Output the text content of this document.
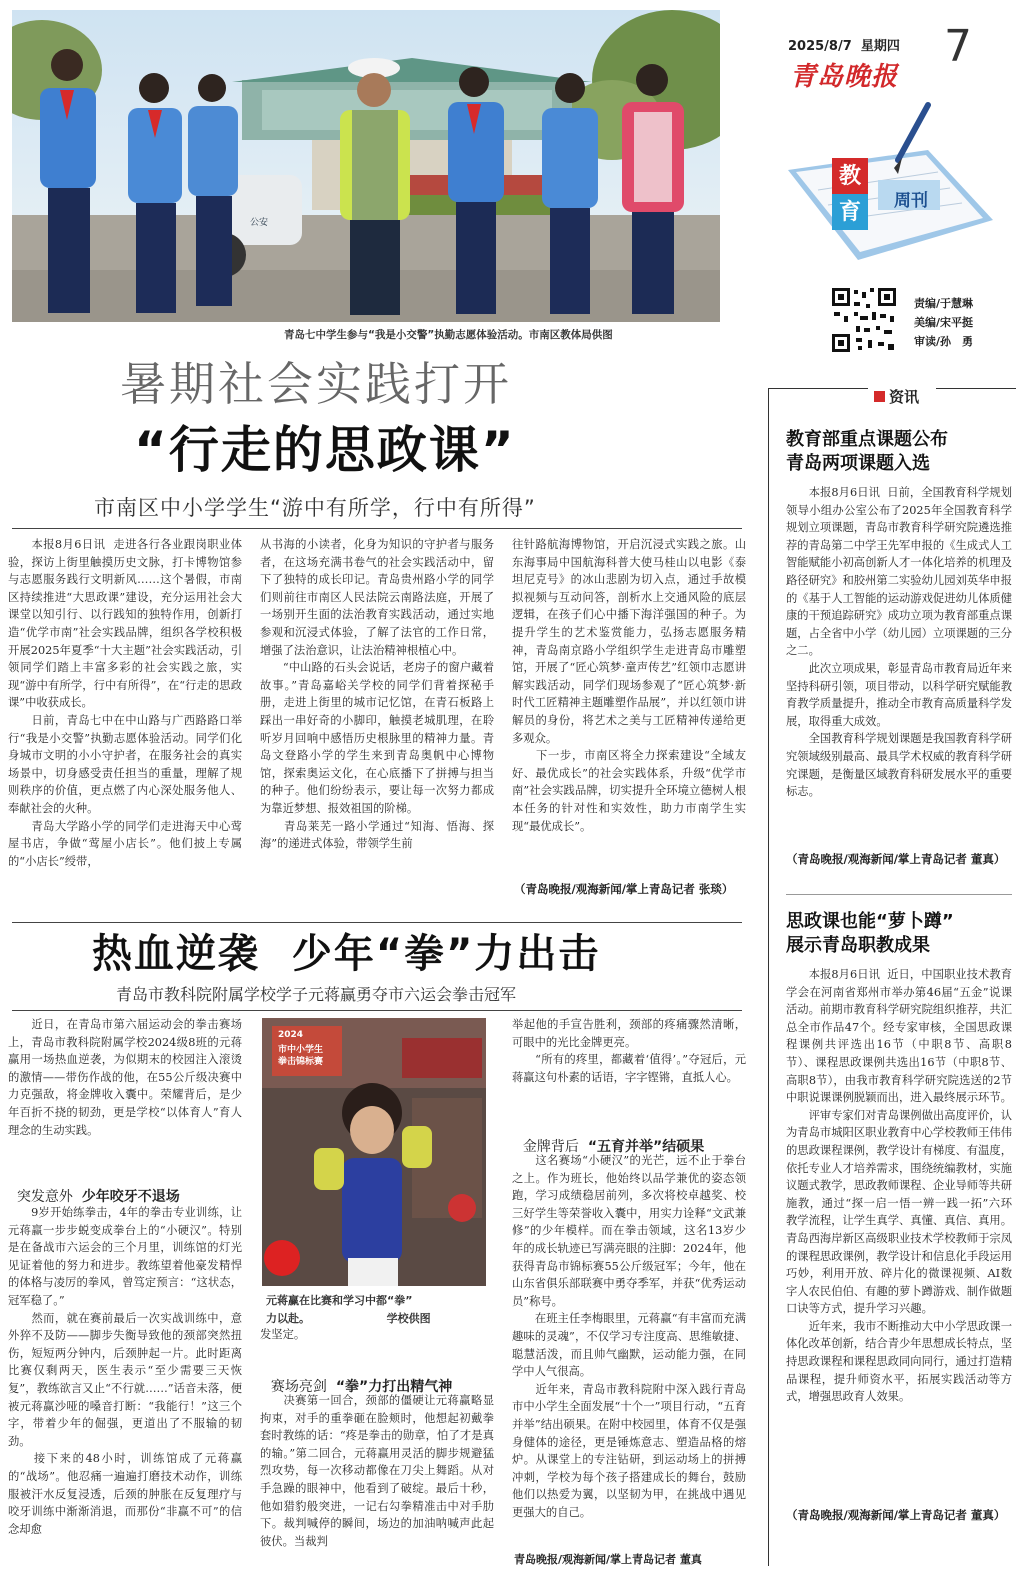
公安
青岛七中学生参与“我是小交警”执勤志愿体验活动。市南区教体局供图
2025/8/7  星期四 7
青岛晚报
教
育	周刊
责编/于慧琳
美编/宋平挺
审读/孙　勇
暑期社会实践打开
“行走的思政课”
市南区中小学学生“游中有所学，行中有所得”
　　本报8月6日讯  走进各行各业跟岗职业体验，探访上街里触摸历史文脉，打卡博物馆参与志愿服务践行文明新风……这个暑假，市南区持续推进“大思政课”建设，充分运用社会大课堂以知引行、以行践知的独特作用，创新打造“优学市南”社会实践品牌，组织各学校积极开展2025年夏季“十大主题”社会实践活动，引领同学们踏上丰富多彩的社会实践之旅，实现“游中有所学，行中有所得”，在“行走的思政课”中收获成长。
　　日前，青岛七中在中山路与广西路路口举行“我是小交警”执勤志愿体验活动。同学们化身城市文明的小小守护者，在服务社会的真实场景中，切身感受责任担当的重量，理解了规则秩序的价值，更点燃了内心深处服务他人、奉献社会的火种。
　　青岛大学路小学的同学们走进海天中心莺屋书店，争做“莺屋小店长”。他们披上专属的“小店长”绶带，
从书海的小读者，化身为知识的守护者与服务者，在这场充满书卷气的社会实践活动中，留下了独特的成长印记。青岛贵州路小学的同学们则前往市南区人民法院云南路法庭，开展了一场别开生面的法治教育实践活动，通过实地参观和沉浸式体验，了解了法官的工作日常，增强了法治意识，让法治精神根植心中。
　　“中山路的石头会说话，老房子的窗户藏着故事。”青岛嘉峪关学校的同学们背着探秘手册，走进上街里的城市记忆馆，在青石板路上踩出一串好奇的小脚印，触摸老城肌理，在聆听岁月回响中感悟历史根脉里的精神力量。青岛文登路小学的学生来到青岛奥帆中心博物馆，探索奥运文化，在心底播下了拼搏与担当的种子。他们纷纷表示，要让每一次努力都成为靠近梦想、报效祖国的阶梯。
　　青岛莱芜一路小学通过“知海、悟海、探海”的递进式体验，带领学生前
往针路航海博物馆，开启沉浸式实践之旅。山东海事局中国航海科普大使马桂山以电影《泰坦尼克号》的冰山悲剧为切入点，通过手故模拟视频与互动问答，剖析水上交通风险的底层逻辑，在孩子们心中播下海洋强国的种子。为提升学生的艺术鉴赏能力，弘扬志愿服务精神，青岛南京路小学组织学生走进青岛市雕塑馆，开展了“匠心筑梦·童声传艺”红领巾志愿讲解实践活动，同学们现场参观了“匠心筑梦·新时代工匠精神主题雕塑作品展”，并以红领巾讲解员的身份，将艺术之美与工匠精神传递给更多观众。
　　下一步，市南区将全力探索建设“全域友好、最优成长”的社会实践体系，升级“优学市南”社会实践品牌，切实提升全环境立德树人根本任务的针对性和实效性，助力市南学生实现“最优成长”。
（青岛晚报/观海新闻/掌上青岛记者 张琰）
热血逆袭  少年“拳”力出击
青岛市教科院附属学校学子元蒋赢勇夺市六运会拳击冠军
　　近日，在青岛市第六届运动会的拳击赛场上，青岛市教科院附属学校2024级8班的元蒋赢用一场热血逆袭，为似期末的校园注入滚烫的激情——带伤作战的他，在55公斤级决赛中力克强敌，将金牌收入囊中。荣耀背后，是少年百折不挠的韧劲，更是学校“以体育人”育人理念的生动实践。

突发意外 少年咬牙不退场

　　9岁开始练拳击，4年的拳击专业训练，让元蒋赢一步步蜕变成拳台上的“小硬汉”。特别是在备战市六运会的三个月里，训练馆的灯光见证着他的努力和进步。教练望着他豪发精悍的体格与凌厉的拳风，曾笃定预言：“这状态，冠军稳了。”
　　然而，就在赛前最后一次实战训练中，意外猝不及防——脚步失衡导致他的颈部突然扭伤，短短两分钟内，后颈肿起一片。此时距离比赛仅剩两天，医生表示“至少需要三天恢复”，教练欲言又止“不行就……”话音未落，便被元蒋赢沙哑的嗓音打断：“我能行！”这三个字，带着少年的倔强，更道出了不服输的韧劲。
　　接下来的48小时，训练馆成了元蒋赢的“战场”。他忍痛一遍遍打磨技术动作，训练服被汗水反复浸透，后颈的肿胀在反复理疗与咬牙训练中渐渐消退，而那份“非赢不可”的信念却愈
2024
市中小学生
拳击锦标赛
元蒋赢在比赛和学习中都“拳”
力以赴。                    学校供图
发坚定。

赛场亮剑 “拳”力打出精气神

　　决赛第一回合，颈部的僵硬让元蒋赢略显拘束，对手的重拳砸在脸颊时，他想起初戴拳套时教练的话：“疼是拳击的勋章，怕了才是真的输。”第二回合，元蒋赢用灵活的脚步规避猛烈攻势，每一次移动都像在刀尖上舞蹈。从对手急躁的眼神中，他看到了破绽。最后十秒，他如猎豹般突进，一记右勾拳精准击中对手肋下。裁判喊停的瞬间，场边的加油呐喊声此起彼伏。当裁判
举起他的手宣告胜利，颈部的疼痛骤然清晰，可眼中的光比金牌更亮。
　　“所有的疼里，都藏着‘值得’。”夺冠后，元蒋赢这句朴素的话语，字字铿锵，直抵人心。

金牌背后 “五育并举”结硕果

　　这名赛场“小硬汉”的光芒，远不止于拳台之上。作为班长，他始终以品学兼优的姿态领跑，学习成绩稳居前列，多次将校卓越奖、校三好学生等荣誉收入囊中，用实力诠释“文武兼修”的少年模样。而在拳击领域，这名13岁少年的成长轨迹已写满亮眼的注脚：2024年，他获得青岛市锦标赛55公斤级冠军；今年，他在山东省俱乐部联赛中勇夺季军，并获“优秀运动员”称号。
　　在班主任李梅眼里，元蒋赢“有丰富而充满趣味的灵魂”，不仅学习专注度高、思维敏捷、聪慧活泼，而且帅气幽默，运动能力强，在同学中人气很高。
　　近年来，青岛市教科院附中深入践行青岛市中小学生全面发展“十个一”项目行动，“五育并举”结出硕果。在附中校园里，体育不仅是强身健体的途径，更是锤炼意志、塑造品格的熔炉。从课堂上的专注钻研，到运动场上的拼搏冲刺，学校为每个孩子搭建成长的舞台，鼓励他们以热爱为翼，以坚韧为甲，在挑战中遇见更强大的自己。
青岛晚报/观海新闻/掌上青岛记者 董真
资讯
教育部重点课题公布
青岛两项课题入选
　　本报8月6日讯  日前，全国教育科学规划领导小组办公室公布了2025年全国教育科学规划立项课题，青岛市教育科学研究院遴选推荐的青岛第二中学王先军申报的《生成式人工智能赋能小初高创新人才一体化培养的机理及路径研究》和胶州第二实验幼儿园刘英华申报的《基于人工智能的运动游戏促进幼儿体质健康的干预追踪研究》成功立项为教育部重点课题，占全省中小学（幼儿园）立项课题的三分之二。
　　此次立项成果，彰显青岛市教育局近年来坚持科研引领，项目带动，以科学研究赋能教育教学质量提升，推动全市教育高质量科学发展，取得重大成效。
　　全国教育科学规划课题是我国教育科学研究领域级别最高、最具学术权威的教育科学研究课题，是衡量区域教育科研发展水平的重要标志。
（青岛晚报/观海新闻/掌上青岛记者 董真）
思政课也能“萝卜蹲”
展示青岛职教成果
　　本报8月6日讯  近日，中国职业技术教育学会在河南省郑州市举办第46届“五金”说课活动。前期市教育科学研究院组织推荐，共汇总全市作品47个。经专家审核，全国思政课程课例共评选出16节（中职8节、高职8节）、课程思政课例共选出16节（中职8节、高职8节），由我市教育科学研究院选送的2节中职说课课例脱颖而出，进入最终展示环节。
　　评审专家们对青岛课例做出高度评价，认为青岛市城阳区职业教育中心学校教师王伟伟的思政课程课例，教学设计有梯度、有温度，依托专业人才培养需求，围绕统编教材，实施议题式教学，思政教师课程、企业导师等共研施教，通过“探一启一悟一辨一践一拓”六环教学流程，让学生真学、真懂、真信、真用。青岛西海岸新区高级职业技术学校教师于宗凤的课程思政课例，教学设计和信息化手段运用巧妙，利用开放、碎片化的微课视频、AI数字人农民伯伯、有趣的萝卜蹲游戏、制作做题口诀等方式，提升学习兴趣。
　　近年来，我市不断推动大中小学思政课一体化改革创新，结合青少年思想成长特点，坚持思政课程和课程思政同向同行，通过打造精品课程，提升师资水平，拓展实践活动等方式，增强思政育人效果。
（青岛晚报/观海新闻/掌上青岛记者 董真）
